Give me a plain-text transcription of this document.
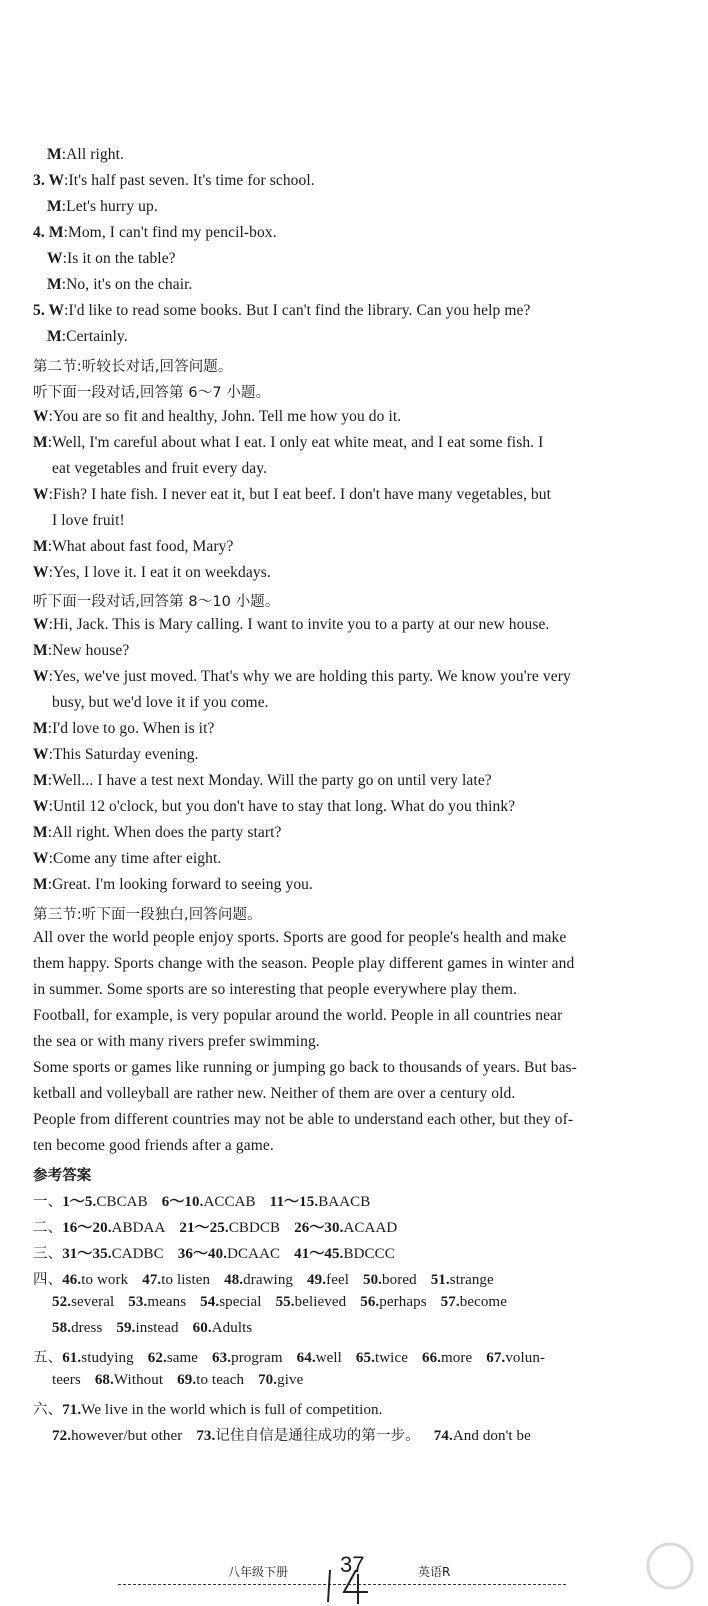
M:All right.
3. W:It's half past seven. It's time for school.
M:Let's hurry up.
4. M:Mom, I can't find my pencil-box.
W:Is it on the table?
M:No, it's on the chair.
5. W:I'd like to read some books. But I can't find the library. Can you help me?
M:Certainly.
第二节:听较长对话,回答问题。
听下面一段对话,回答第 6～7 小题。
W:You are so fit and healthy, John. Tell me how you do it.
M:Well, I'm careful about what I eat. I only eat white meat, and I eat some fish. I
eat vegetables and fruit every day.
W:Fish? I hate fish. I never eat it, but I eat beef. I don't have many vegetables, but
I love fruit!
M:What about fast food, Mary?
W:Yes, I love it. I eat it on weekdays.
听下面一段对话,回答第 8～10 小题。
W:Hi, Jack. This is Mary calling. I want to invite you to a party at our new house.
M:New house?
W:Yes, we've just moved. That's why we are holding this party. We know you're very
busy, but we'd love it if you come.
M:I'd love to go. When is it?
W:This Saturday evening.
M:Well... I have a test next Monday. Will the party go on until very late?
W:Until 12 o'clock, but you don't have to stay that long. What do you think?
M:All right. When does the party start?
W:Come any time after eight.
M:Great. I'm looking forward to seeing you.
第三节:听下面一段独白,回答问题。
All over the world people enjoy sports. Sports are good for people's health and make
them happy. Sports change with the season. People play different games in winter and
in summer. Some sports are so interesting that people everywhere play them.
Football, for example, is very popular around the world. People in all countries near
the sea or with many rivers prefer swimming.
Some sports or games like running or jumping go back to thousands of years. But bas-
ketball and volleyball are rather new. Neither of them are over a century old.
People from different countries may not be able to understand each other, but they of-
ten become good friends after a game.
参考答案
一、1～5.CBCAB 6～10.ACCAB 11～15.BAACB
二、16～20.ABDAA 21～25.CBDCB 26～30.ACAAD
三、31～35.CADBC 36～40.DCAAC 41～45.BDCCC
四、46.to work 47.to listen 48.drawing 49.feel 50.bored 51.strange
52.several 53.means 54.special 55.believed 56.perhaps 57.become
58.dress 59.instead 60.Adults
五、61.studying 62.same 63.program 64.well 65.twice 66.more 67.volun-
teers 68.Without 69.to teach 70.give
六、71.We live in the world which is full of competition.
72.however/but other 73.记住自信是通往成功的第一步。 74.And don't be
八年级下册 37	英语R
